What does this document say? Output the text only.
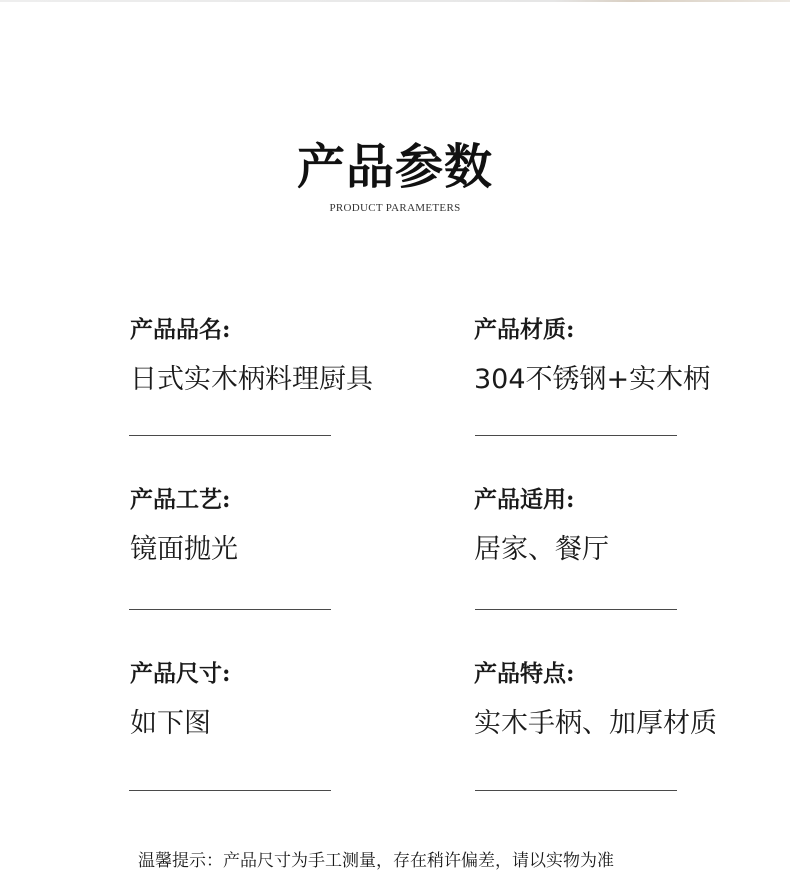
产品参数
PRODUCT PARAMETERS
产品品名:
日式实木柄料理厨具
产品材质:
304不锈钢+实木柄
产品工艺:
镜面抛光
产品适用:
居家、餐厅
产品尺寸:
如下图
产品特点:
实木手柄、加厚材质
温馨提示：产品尺寸为手工测量，存在稍许偏差，请以实物为准
